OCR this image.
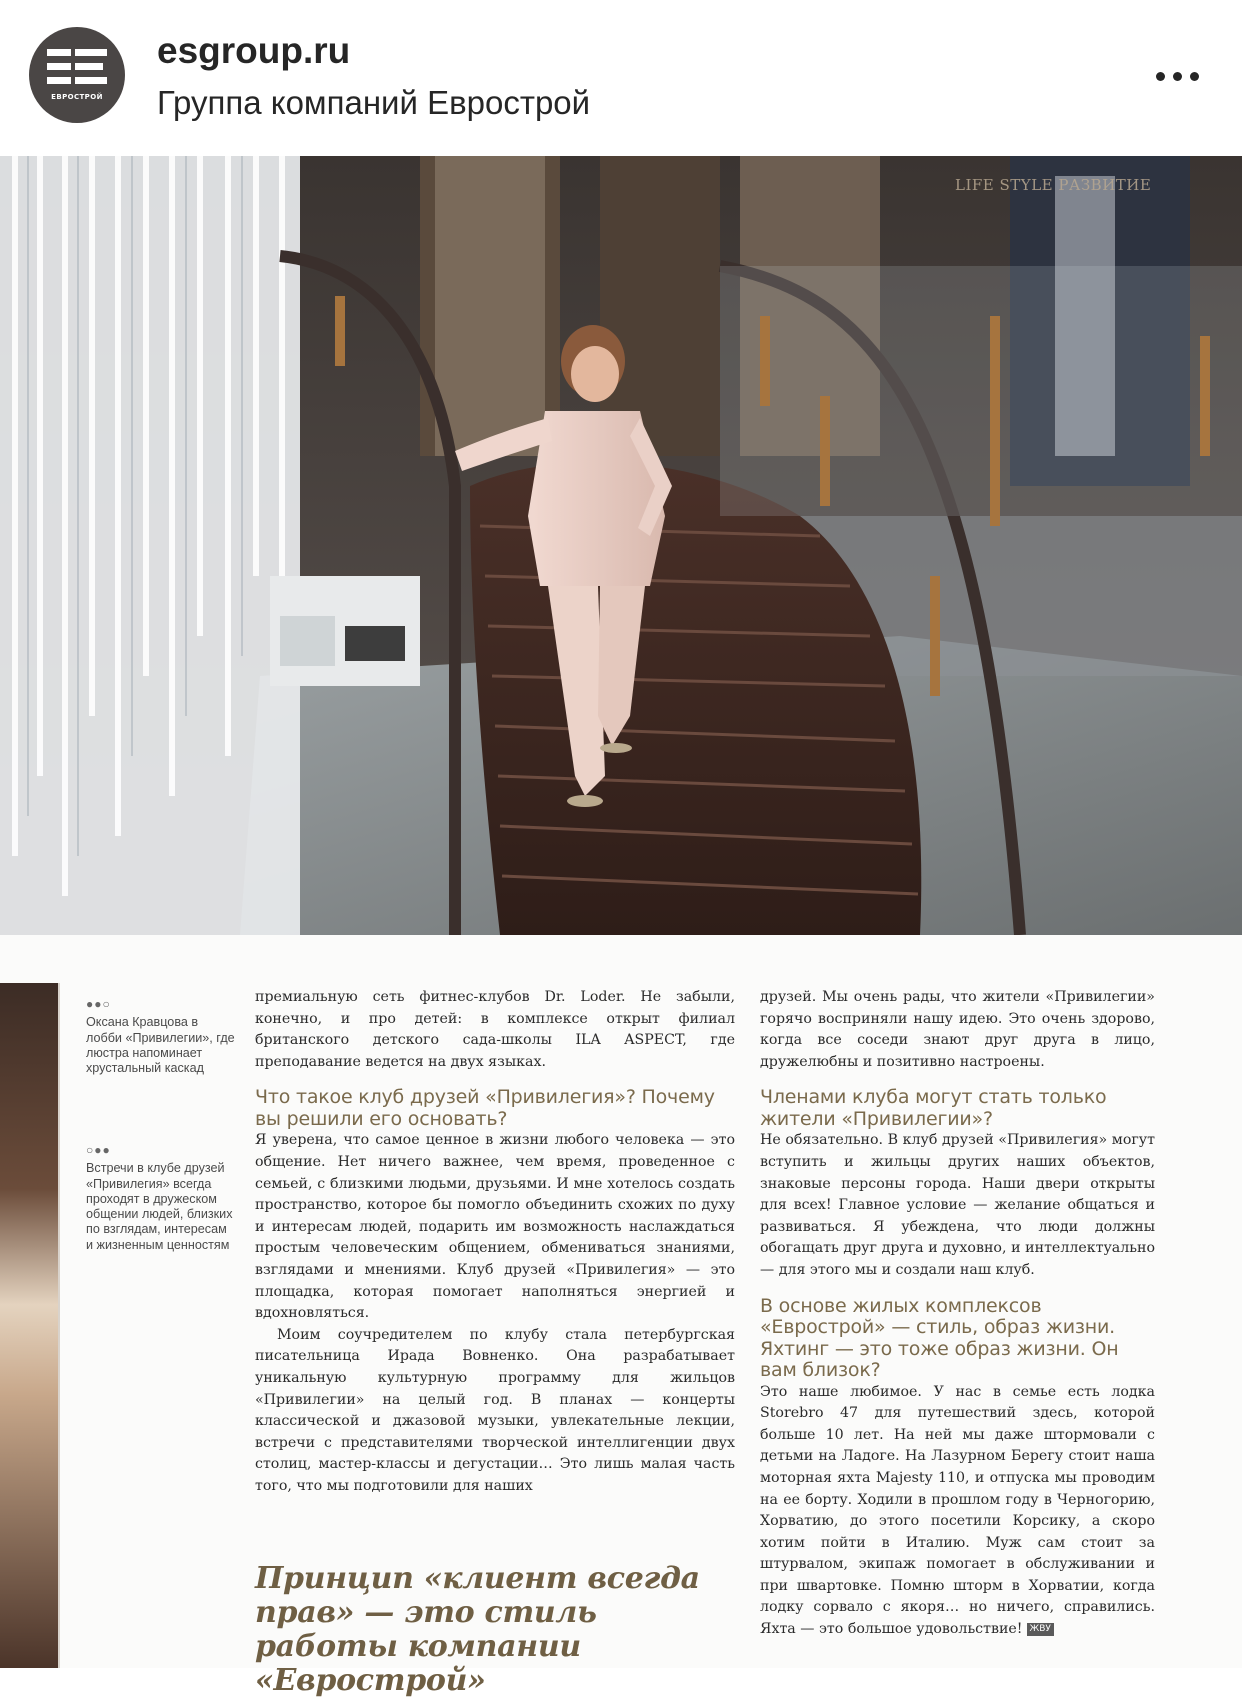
ЕВРОСТРОЙ
esgroup.ru
Группа компаний Еврострой
LIFE STYLE РАЗВИТИЕ
●●○
Оксана Кравцова в лобби «Привилегии», где люстра напоминает хрустальный каскад
○●●
Встречи в клубе друзей «Привилегия» всегда проходят в дружеском общении людей, близких по взглядам, интересам и жизненным ценностям

премиальную сеть фитнес-клубов Dr. Loder. Не забыли, конечно, и про детей: в комплексе открыт филиал британского детского сада-школы ILA ASPECT, где преподавание ведется на двух языках.

Что такое клуб друзей «Привилегия»? Почему вы решили его основать?

Я уверена, что самое ценное в жизни любого человека — это общение. Нет ничего важнее, чем время, проведенное с семьей, с близкими людьми, друзьями. И мне хотелось создать пространство, которое бы помогло объединить схожих по духу и интересам людей, подарить им возможность наслаждаться простым человеческим общением, обмениваться знаниями, взглядами и мнениями. Клуб друзей «Привилегия» — это площадка, которая помогает наполняться энергией и вдохновляться.

Моим соучредителем по клубу стала петербургская писательница Ирада Вовненко. Она разрабатывает уникальную культурную программу для жильцов «Привилегии» на целый год. В планах — концерты классической и джазовой музыки, увлекательные лекции, встречи с представителями творческой интеллигенции двух столиц, мастер-классы и дегустации… Это лишь малая часть того, что мы подготовили для наших

друзей. Мы очень рады, что жители «Привилегии» горячо восприняли нашу идею. Это очень здорово, когда все соседи знают друг друга в лицо, дружелюбны и позитивно настроены.

Членами клуба могут стать только жители «Привилегии»?

Не обязательно. В клуб друзей «Привилегия» могут вступить и жильцы других наших объектов, знаковые персоны города. Наши двери открыты для всех! Главное условие — желание общаться и развиваться. Я убеждена, что люди должны обогащать друг друга и духовно, и интеллектуально — для этого мы и создали наш клуб.

В основе жилых комплексов «Еврострой» — стиль, образ жизни. Яхтинг — это тоже образ жизни. Он вам близок?

Это наше любимое. У нас в семье есть лодка Storebro 47 для путешествий здесь, которой больше 10 лет. На ней мы даже штормовали с детьми на Ладоге. На Лазурном Берегу стоит наша моторная яхта Majesty 110, и отпуска мы проводим на ее борту. Ходили в прошлом году в Черногорию, Хорватию, до этого посетили Корсику, а скоро хотим пойти в Италию. Муж сам стоит за штурвалом, экипаж помогает в обслуживании и при швартовке. Помню шторм в Хорватии, когда лодку сорвало с якоря… но ничего, справились. Яхта — это большое удовольствие! ЖВУ

Принцип «клиент всегда прав» — это стиль работы компании «Еврострой»
